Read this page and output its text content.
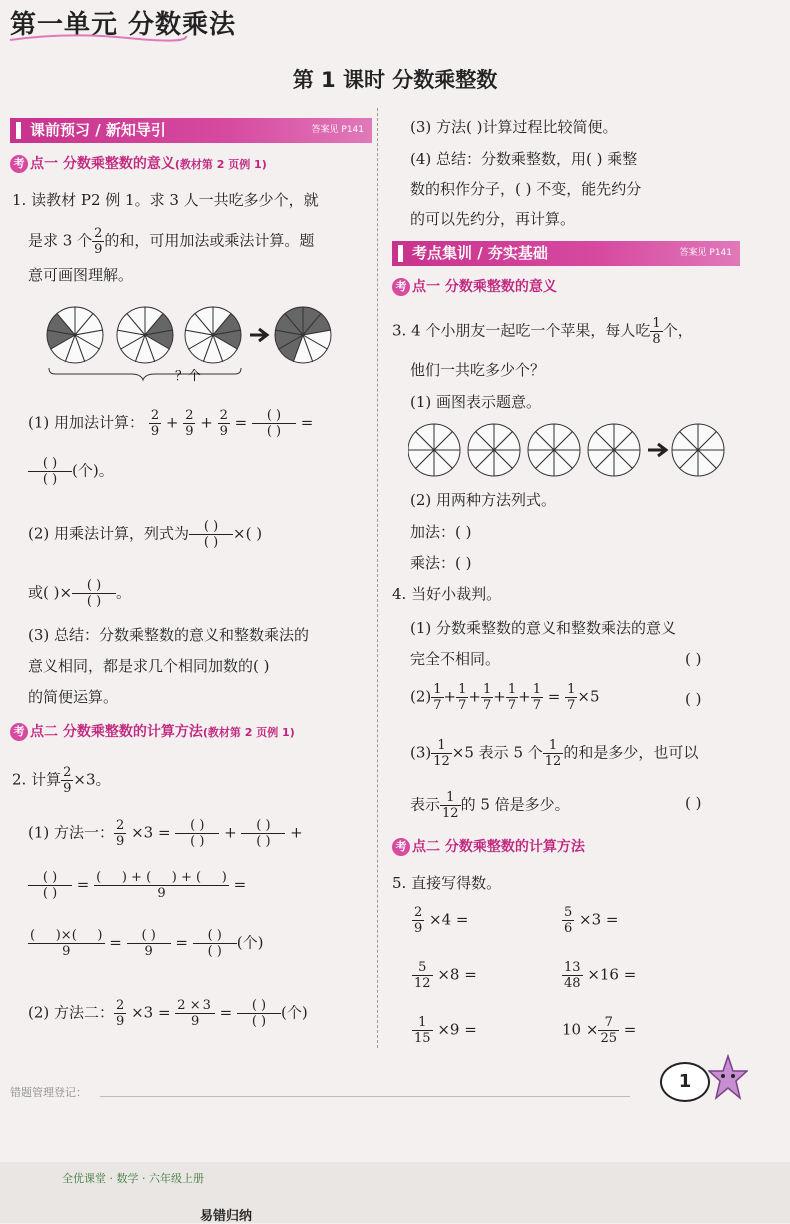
第一单元 分数乘法
第 1 课时 分数乘整数
课前预习 / 新知导引	答案见 P141
考 点一 分数乘整数的意义(教材第 2 页例 1)
1. 读教材 P2 例 1。求 3 人一共吃多少个，就
是求 3 个 $\frac{2}{9}$ 的和，可用加法或乘法计算。题
意可画图理解。
？个
(1) 用加法计算： $\frac{2}{9} + \frac{2}{9} + \frac{2}{9}$ =	( )
( ) =
( )
( ) (个)。
(2) 用乘法计算，列式为	( )
( ) ×( )
或( )×	( )
( ) 。
(3) 总结：分数乘整数的意义和整数乘法的
意义相同，都是求几个相同加数的( )
的简便运算。
考 点二 分数乘整数的计算方法(教材第 2 页例 1)
2. 计算 $\frac{2}{9} \times 3$。
(1) 方法一： $\frac{2}{9} \times 3$ =	( )
( ) +	( )
( ) +
( )
( ) = (     ) + (     ) + (     )
9	=
(     )×(     )
9	=	( )
9	=	( )
( ) (个)
(2) 方法二： $\frac{2}{9} \times 3 = \frac{2 \times 3}{9}$ =	( )
( ) (个)
(3) 方法( )计算过程比较简便。
(4) 总结：分数乘整数，用( ) 乘整
数的积作分子，( ) 不变，能先约分
的可以先约分，再计算。
考点集训 / 夯实基础	答案见 P141
考 点一 分数乘整数的意义
3. 4 个小朋友一起吃一个苹果，每人吃 $\frac{1}{8}$ 个，
他们一共吃多少个？
(1) 画图表示题意。
(2) 用两种方法列式。
加法：( )
乘法：( )
4. 当好小裁判。
(1) 分数乘整数的意义和整数乘法的意义
完全不相同。	( )
$(2) \frac{1}{7} + \frac{1}{7} + \frac{1}{7} + \frac{1}{7} + \frac{1}{7} = \frac{1}{7} \times 5$	( )
$(3) \frac{1}{12} \times 5$ 表示 5 个 $\frac{1}{12}$ 的和是多少，也可以
表示 $\frac{1}{12}$ 的 5 倍是多少。	( )
考 点二 分数乘整数的计算方法
5. 直接写得数。
$\frac{2}{9} \times 4$ =	$\frac{5}{6} \times 3$ =
$\frac{5}{12} \times 8$ =	$\frac{13}{48} \times 16$ =
$\frac{1}{15} \times 9$ =	$10 \times \frac{7}{25}$ =
错题管理登记：
1
全优课堂 · 数学 · 六年级上册
易错归纳
